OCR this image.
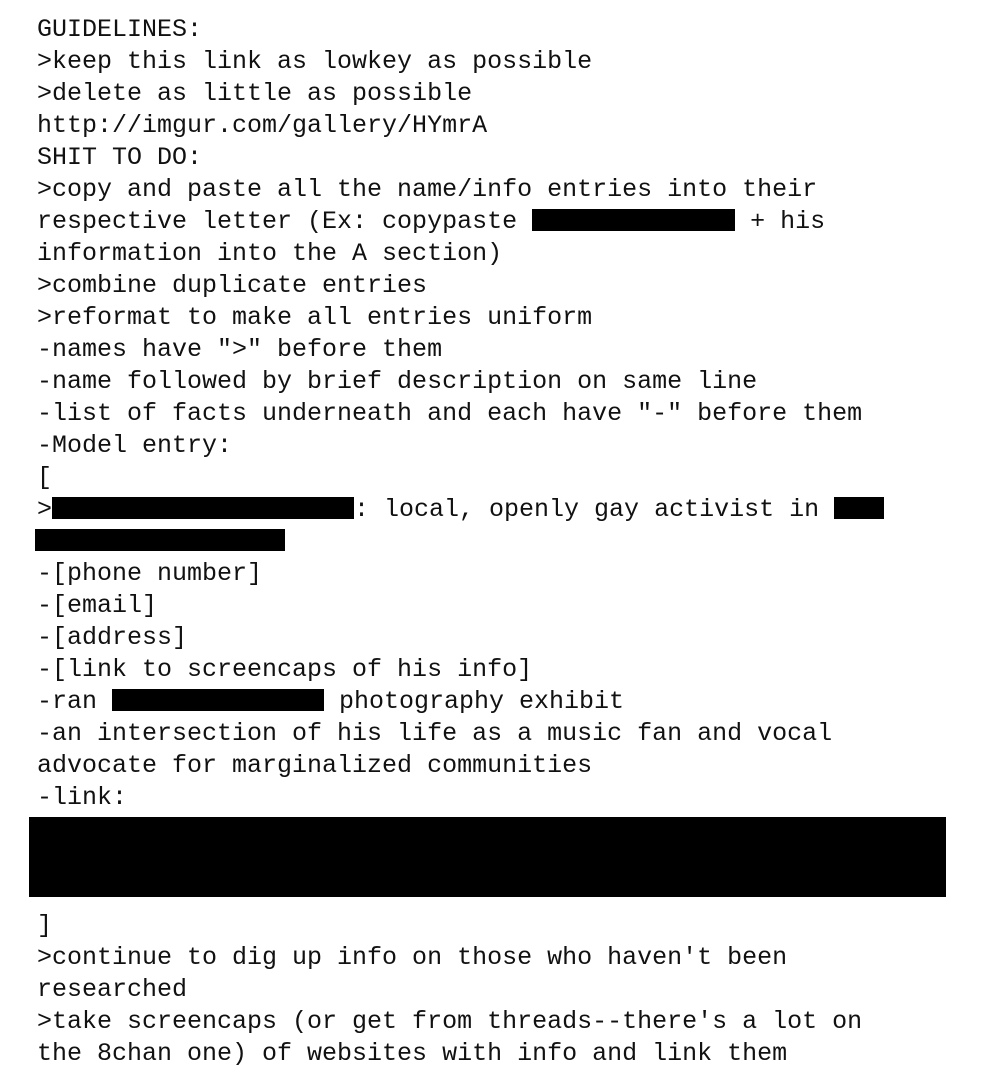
GUIDELINES:
>keep this link as lowkey as possible
>delete as little as possible
http://imgur.com/gallery/HYmrA
SHIT TO DO:
>copy and paste all the name/info entries into their
respective letter (Ex: copypaste	+ his
information into the A section)
>combine duplicate entries
>reformat to make all entries uniform
-names have ">" before them
-name followed by brief description on same line
-list of facts underneath and each have "-" before them
-Model entry:
[
>	: local, openly gay activist in
-[phone number]
-[email]
-[address]
-[link to screencaps of his info]
-ran	photography exhibit
-an intersection of his life as a music fan and vocal
advocate for marginalized communities
-link:
]
>continue to dig up info on those who haven't been
researched
>take screencaps (or get from threads--there's a lot on
the 8chan one) of websites with info and link them
